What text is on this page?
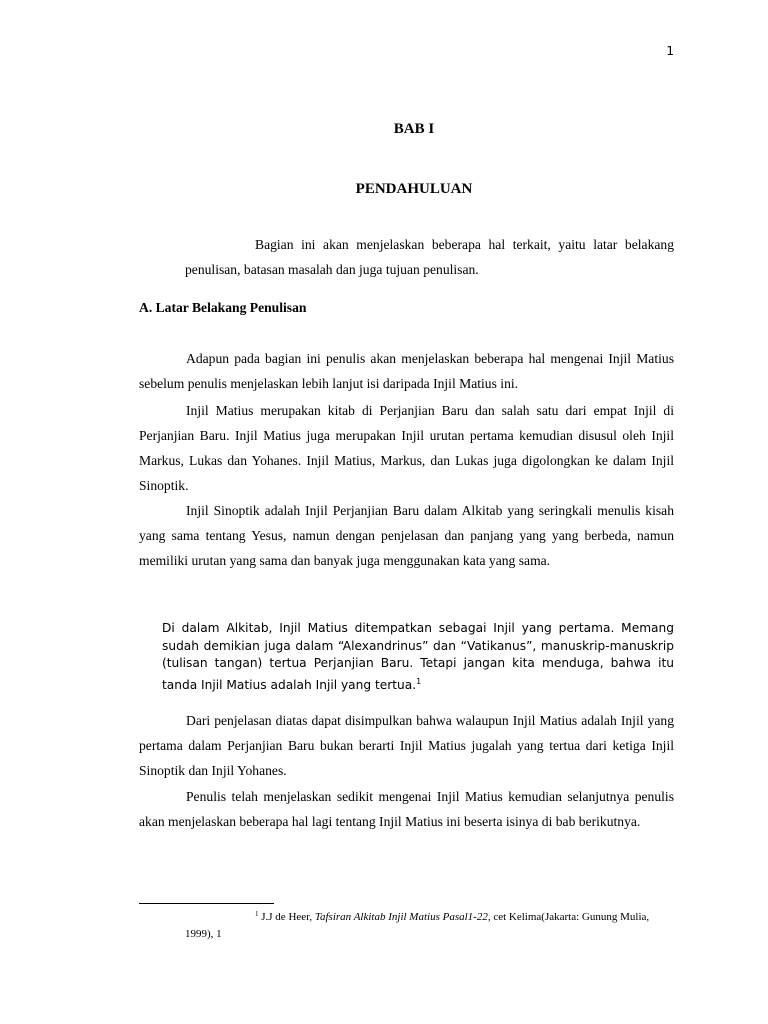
1
BAB I
PENDAHULUAN

Bagian ini akan menjelaskan beberapa hal terkait, yaitu latar belakang penulisan, batasan masalah dan juga tujuan penulisan.

A. Latar Belakang Penulisan

Adapun pada bagian ini penulis akan menjelaskan beberapa hal mengenai Injil Matius sebelum penulis menjelaskan lebih lanjut isi daripada Injil Matius ini.

Injil Matius merupakan kitab di Perjanjian Baru dan salah satu dari empat Injil di Perjanjian Baru. Injil Matius juga merupakan Injil urutan pertama kemudian disusul oleh Injil Markus, Lukas dan Yohanes. Injil Matius, Markus, dan Lukas juga digolongkan ke dalam Injil Sinoptik.

Injil Sinoptik adalah Injil Perjanjian Baru dalam Alkitab yang seringkali menulis kisah yang sama tentang Yesus, namun dengan penjelasan dan panjang yang yang berbeda, namun memiliki urutan yang sama dan banyak juga menggunakan kata yang sama.

Di dalam Alkitab, Injil Matius ditempatkan sebagai Injil yang pertama. Memang sudah demikian juga dalam “Alexandrinus” dan “Vatikanus”, manuskrip-manuskrip (tulisan tangan) tertua Perjanjian Baru. Tetapi jangan kita menduga, bahwa itu tanda Injil Matius adalah Injil yang tertua.$^1$

Dari penjelasan diatas dapat disimpulkan bahwa walaupun Injil Matius adalah Injil yang pertama dalam Perjanjian Baru bukan berarti Injil Matius jugalah yang tertua dari ketiga Injil Sinoptik dan Injil Yohanes.

Penulis telah menjelaskan sedikit mengenai Injil Matius kemudian selanjutnya penulis akan menjelaskan beberapa hal lagi tentang Injil Matius ini beserta isinya di bab berikutnya.

$^1$ J.J de Heer, Tafsiran Alkitab Injil Matius Pasal1-22, cet Kelima(Jakarta: Gunung Mulia, 1999), 1
